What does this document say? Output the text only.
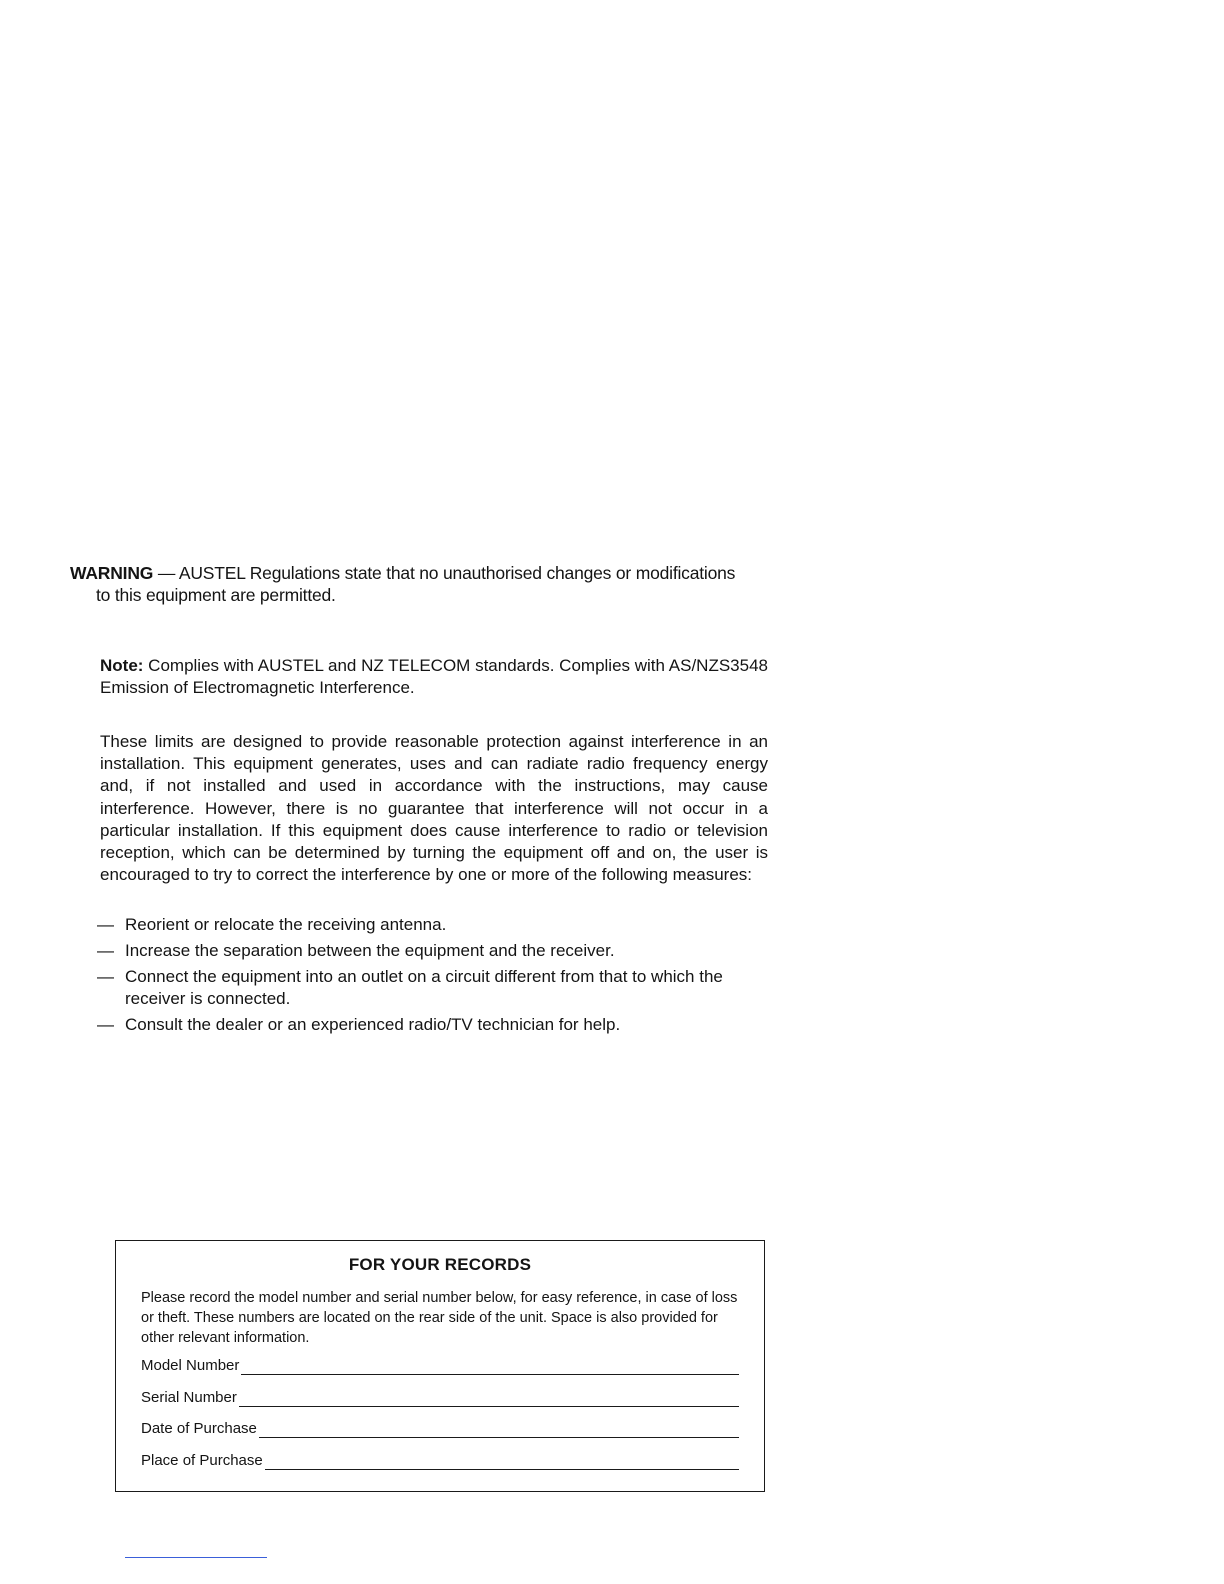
WARNING — AUSTEL Regulations state that no unauthorised changes or modifications
to this equipment are permitted.
Note: Complies with AUSTEL and NZ TELECOM standards. Complies with AS/NZS3548 Emission of Electromagnetic Interference.
These limits are designed to provide reasonable protection against interference in an installation. This equipment generates, uses and can radiate radio frequency energy and, if not installed and used in accordance with the instructions, may cause interference. However, there is no guarantee that interference will not occur in a particular installation. If this equipment does cause interference to radio or television reception, which can be determined by turning the equipment off and on, the user is encouraged to try to correct the interference by one or more of the following measures:
— Reorient or relocate the receiving antenna.
— Increase the separation between the equipment and the receiver.
— Connect the equipment into an outlet on a circuit different from that to which the receiver is connected.
— Consult the dealer or an experienced radio/TV technician for help.
FOR YOUR RECORDS
Please record the model number and serial number below, for easy reference, in case of loss or theft. These numbers are located on the rear side of the unit. Space is also provided for other relevant information.
Model Number
Serial Number
Date of Purchase
Place of Purchase
